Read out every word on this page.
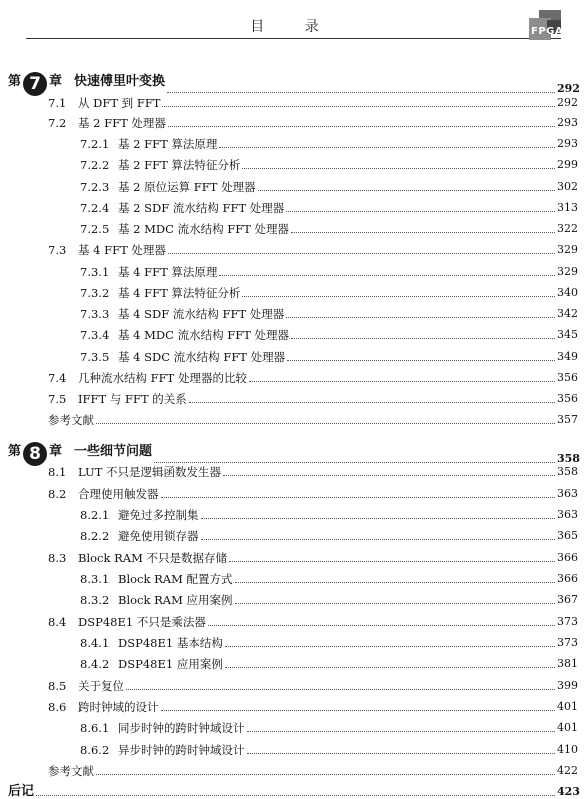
目 录	FPGA
第 7 章 快速傅里叶变换	292
7.1 从 DFT 到 FFT	292
7.2 基 2 FFT 处理器	293
7.2.1 基 2 FFT 算法原理	293
7.2.2 基 2 FFT 算法特征分析	299
7.2.3 基 2 原位运算 FFT 处理器	302
7.2.4 基 2 SDF 流水结构 FFT 处理器	313
7.2.5 基 2 MDC 流水结构 FFT 处理器	322
7.3 基 4 FFT 处理器	329
7.3.1 基 4 FFT 算法原理	329
7.3.2 基 4 FFT 算法特征分析	340
7.3.3 基 4 SDF 流水结构 FFT 处理器	342
7.3.4 基 4 MDC 流水结构 FFT 处理器	345
7.3.5 基 4 SDC 流水结构 FFT 处理器	349
7.4 几种流水结构 FFT 处理器的比较	356
7.5 IFFT 与 FFT 的关系	356
参考文献	357
第 8 章 一些细节问题	358
8.1 LUT 不只是逻辑函数发生器	358
8.2 合理使用触发器	363
8.2.1 避免过多控制集	363
8.2.2 避免使用锁存器	365
8.3 Block RAM 不只是数据存储	366
8.3.1 Block RAM 配置方式	366
8.3.2 Block RAM 应用案例	367
8.4 DSP48E1 不只是乘法器	373
8.4.1 DSP48E1 基本结构	373
8.4.2 DSP48E1 应用案例	381
8.5 关于复位	399
8.6 跨时钟域的设计	401
8.6.1 同步时钟的跨时钟域设计	401
8.6.2 异步时钟的跨时钟域设计	410
参考文献	422
后记	423
